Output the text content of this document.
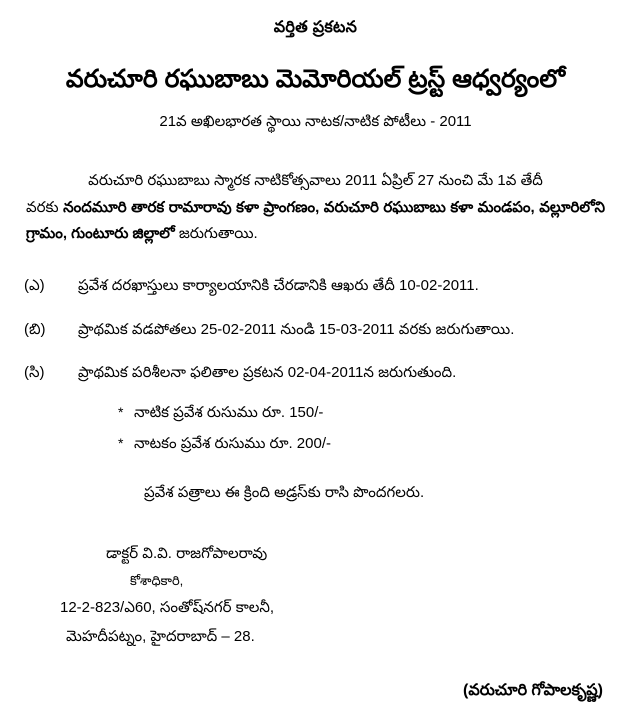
వర్తిత ప్రకటన
వరుచూరి రఘుబాబు మెమోరియల్ ట్రస్ట్ ఆధ్వర్యంలో
21వ అఖిలభారత స్థాయి నాటక/నాటిక పోటీలు - 2011
వరుచూరి రఘుబాబు స్మారక నాటికోత్సవాలు 2011 ఏప్రిల్ 27 నుంచి మే 1వ తేదీ
వరకు నందమూరి తారక రామారావు కళా ప్రాంగణం, వరుచూరి రఘుబాబు కళా మండపం, వల్లూరిలోని గ్రామం, గుంటూరు జిల్లాలో జరుగుతాయి.
(ఎ)	ప్రవేశ దరఖాస్తులు కార్యాలయానికి చేరడానికి ఆఖరు తేదీ 10-02-2011.
(బి)	ప్రాథమిక వడపోతలు 25-02-2011 నుండి 15-03-2011 వరకు జరుగుతాయి.
(సి)	ప్రాథమిక పరిశీలనా ఫలితాల ప్రకటన 02-04-2011న జరుగుతుంది.
* నాటిక ప్రవేశ రుసుము రూ. 150/-
* నాటకం ప్రవేశ రుసుము రూ. 200/-
ప్రవేశ పత్రాలు ఈ క్రింది అడ్రస్‌కు రాసి పొందగలరు.
డాక్టర్ వి.వి. రాజగోపాలరావు
కోశాధికారి,
12-2-823/ఎ60, సంతోష్‌నగర్ కాలనీ,
మెహదీపట్నం, హైదరాబాద్ – 28.
(వరుచూరి గోపాలకృష్ణ)
